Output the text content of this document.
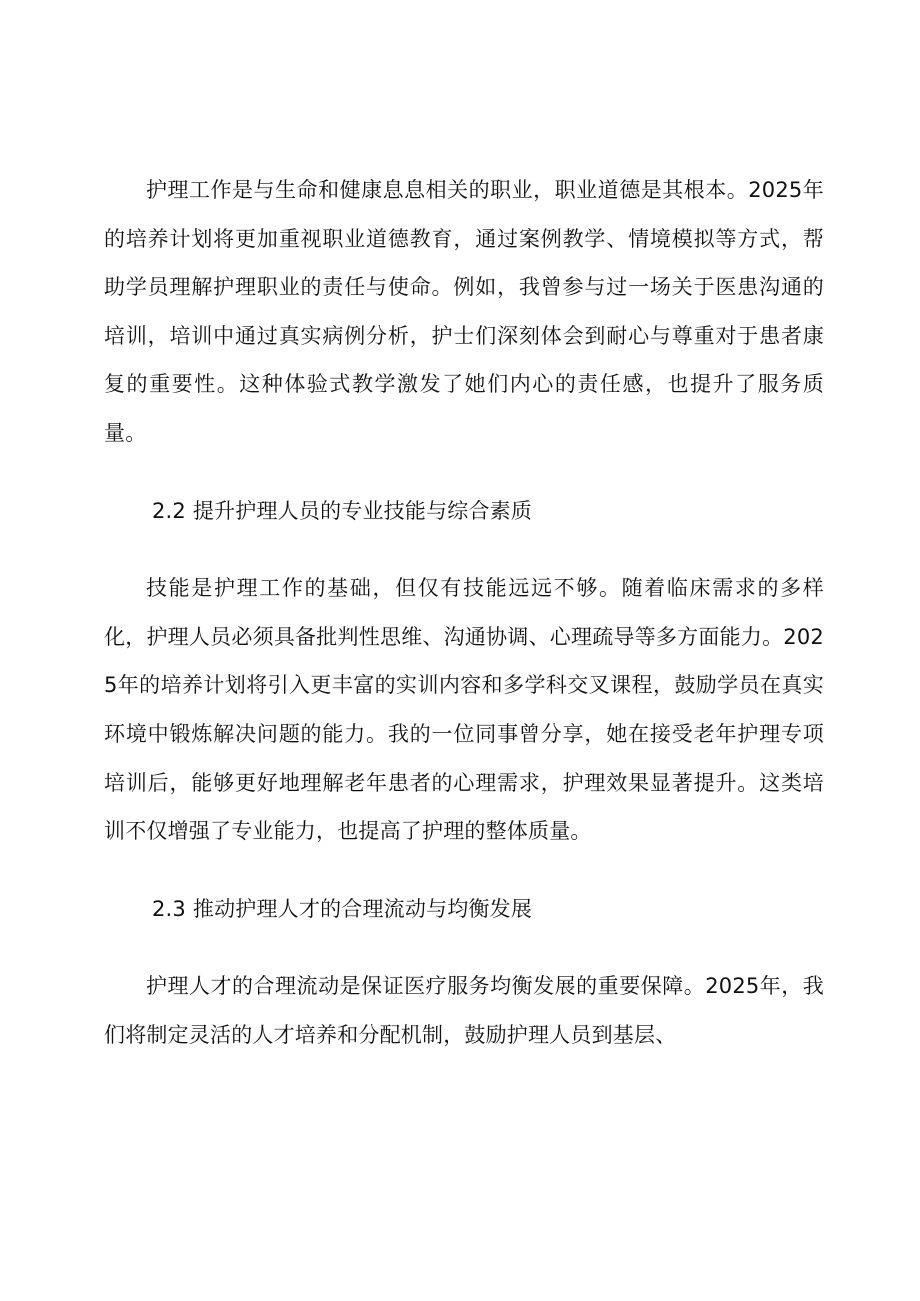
护理工作是与生命和健康息息相关的职业，职业道德是其根本。2025年的培养计划将更加重视职业道德教育，通过案例教学、情境模拟等方式，帮助学员理解护理职业的责任与使命。例如，我曾参与过一场关于医患沟通的培训，培训中通过真实病例分析，护士们深刻体会到耐心与尊重对于患者康复的重要性。这种体验式教学激发了她们内心的责任感，也提升了服务质量。

2.2 提升护理人员的专业技能与综合素质

技能是护理工作的基础，但仅有技能远远不够。随着临床需求的多样化，护理人员必须具备批判性思维、沟通协调、心理疏导等多方面能力。2025年的培养计划将引入更丰富的实训内容和多学科交叉课程，鼓励学员在真实环境中锻炼解决问题的能力。我的一位同事曾分享，她在接受老年护理专项培训后，能够更好地理解老年患者的心理需求，护理效果显著提升。这类培训不仅增强了专业能力，也提高了护理的整体质量。

2.3 推动护理人才的合理流动与均衡发展

护理人才的合理流动是保证医疗服务均衡发展的重要保障。2025年，我们将制定灵活的人才培养和分配机制，鼓励护理人员到基层、
